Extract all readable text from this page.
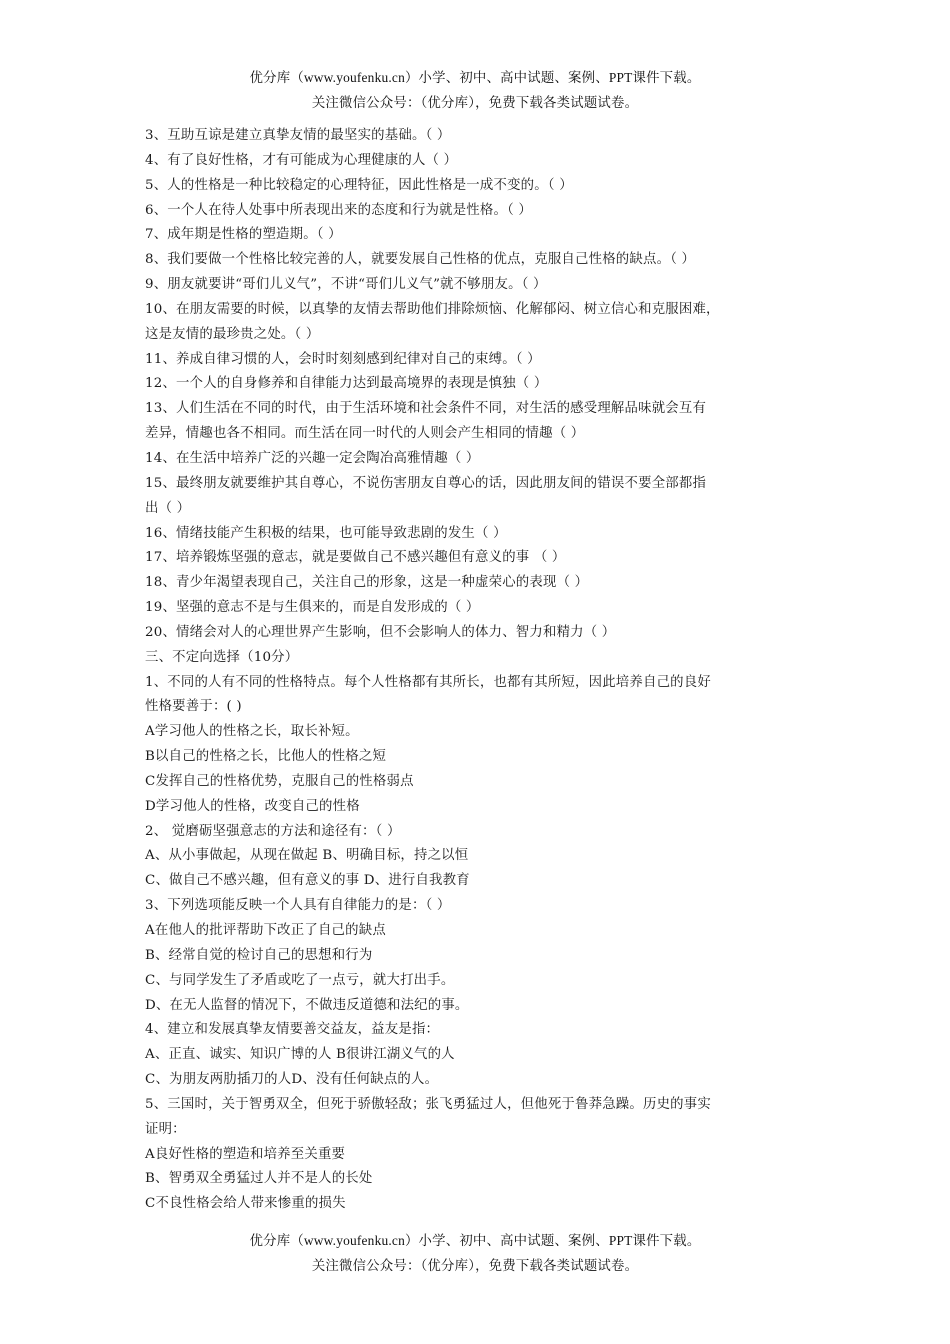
优分库（www.youfenku.cn）小学、初中、高中试题、案例、PPT课件下载。
关注微信公众号：（优分库），免费下载各类试题试卷。
3、互助互谅是建立真挚友情的最坚实的基础。（ ）
4、有了良好性格，才有可能成为心理健康的人（ ）
5、人的性格是一种比较稳定的心理特征，因此性格是一成不变的。（ ）
6、一个人在待人处事中所表现出来的态度和行为就是性格。（ ）
7、成年期是性格的塑造期。（ ）
8、我们要做一个性格比较完善的人，就要发展自己性格的优点，克服自己性格的缺点。（ ）
9、朋友就要讲“哥们儿义气”，不讲“哥们儿义气”就不够朋友。（ ）
10、在朋友需要的时候，以真挚的友情去帮助他们排除烦恼、化解郁闷、树立信心和克服困难，
这是友情的最珍贵之处。（ ）
11、养成自律习惯的人，会时时刻刻感到纪律对自己的束缚。（ ）
12、一个人的自身修养和自律能力达到最高境界的表现是慎独（ ）
13、人们生活在不同的时代，由于生活环境和社会条件不同，对生活的感受理解品味就会互有
差异，情趣也各不相同。而生活在同一时代的人则会产生相同的情趣（ ）
14、在生活中培养广泛的兴趣一定会陶冶高雅情趣（ ）
15、最终朋友就要维护其自尊心，不说伤害朋友自尊心的话，因此朋友间的错误不要全部都指
出（ ）
16、情绪技能产生积极的结果，也可能导致悲剧的发生（ ）
17、培养锻炼坚强的意志，就是要做自己不感兴趣但有意义的事 （ ）
18、青少年渴望表现自己，关注自己的形象，这是一种虚荣心的表现（ ）
19、坚强的意志不是与生俱来的，而是自发形成的（ ）
20、情绪会对人的心理世界产生影响，但不会影响人的体力、智力和精力（ ）
三、不定向选择（10分）
1、不同的人有不同的性格特点。每个人性格都有其所长，也都有其所短，因此培养自己的良好
性格要善于：( )
A学习他人的性格之长，取长补短。
B以自己的性格之长，比他人的性格之短
C发挥自己的性格优势，克服自己的性格弱点
D学习他人的性格，改变自己的性格
2、 觉磨砺坚强意志的方法和途径有：（ ）
A、从小事做起，从现在做起 B、明确目标，持之以恒
C、做自己不感兴趣，但有意义的事 D、进行自我教育
3、下列选项能反映一个人具有自律能力的是：（ ）
A在他人的批评帮助下改正了自己的缺点
B、经常自觉的检讨自己的思想和行为
C、与同学发生了矛盾或吃了一点亏，就大打出手。
D、在无人监督的情况下，不做违反道德和法纪的事。
4、建立和发展真挚友情要善交益友，益友是指：
A、正直、诚实、知识广博的人 B很讲江湖义气的人
C、为朋友两肋插刀的人D、没有任何缺点的人。
5、三国时，关于智勇双全，但死于骄傲轻敌；张飞勇猛过人，但他死于鲁莽急躁。历史的事实
证明：
A良好性格的塑造和培养至关重要
B、智勇双全勇猛过人并不是人的长处
C不良性格会给人带来惨重的损失
优分库（www.youfenku.cn）小学、初中、高中试题、案例、PPT课件下载。
关注微信公众号：（优分库），免费下载各类试题试卷。
